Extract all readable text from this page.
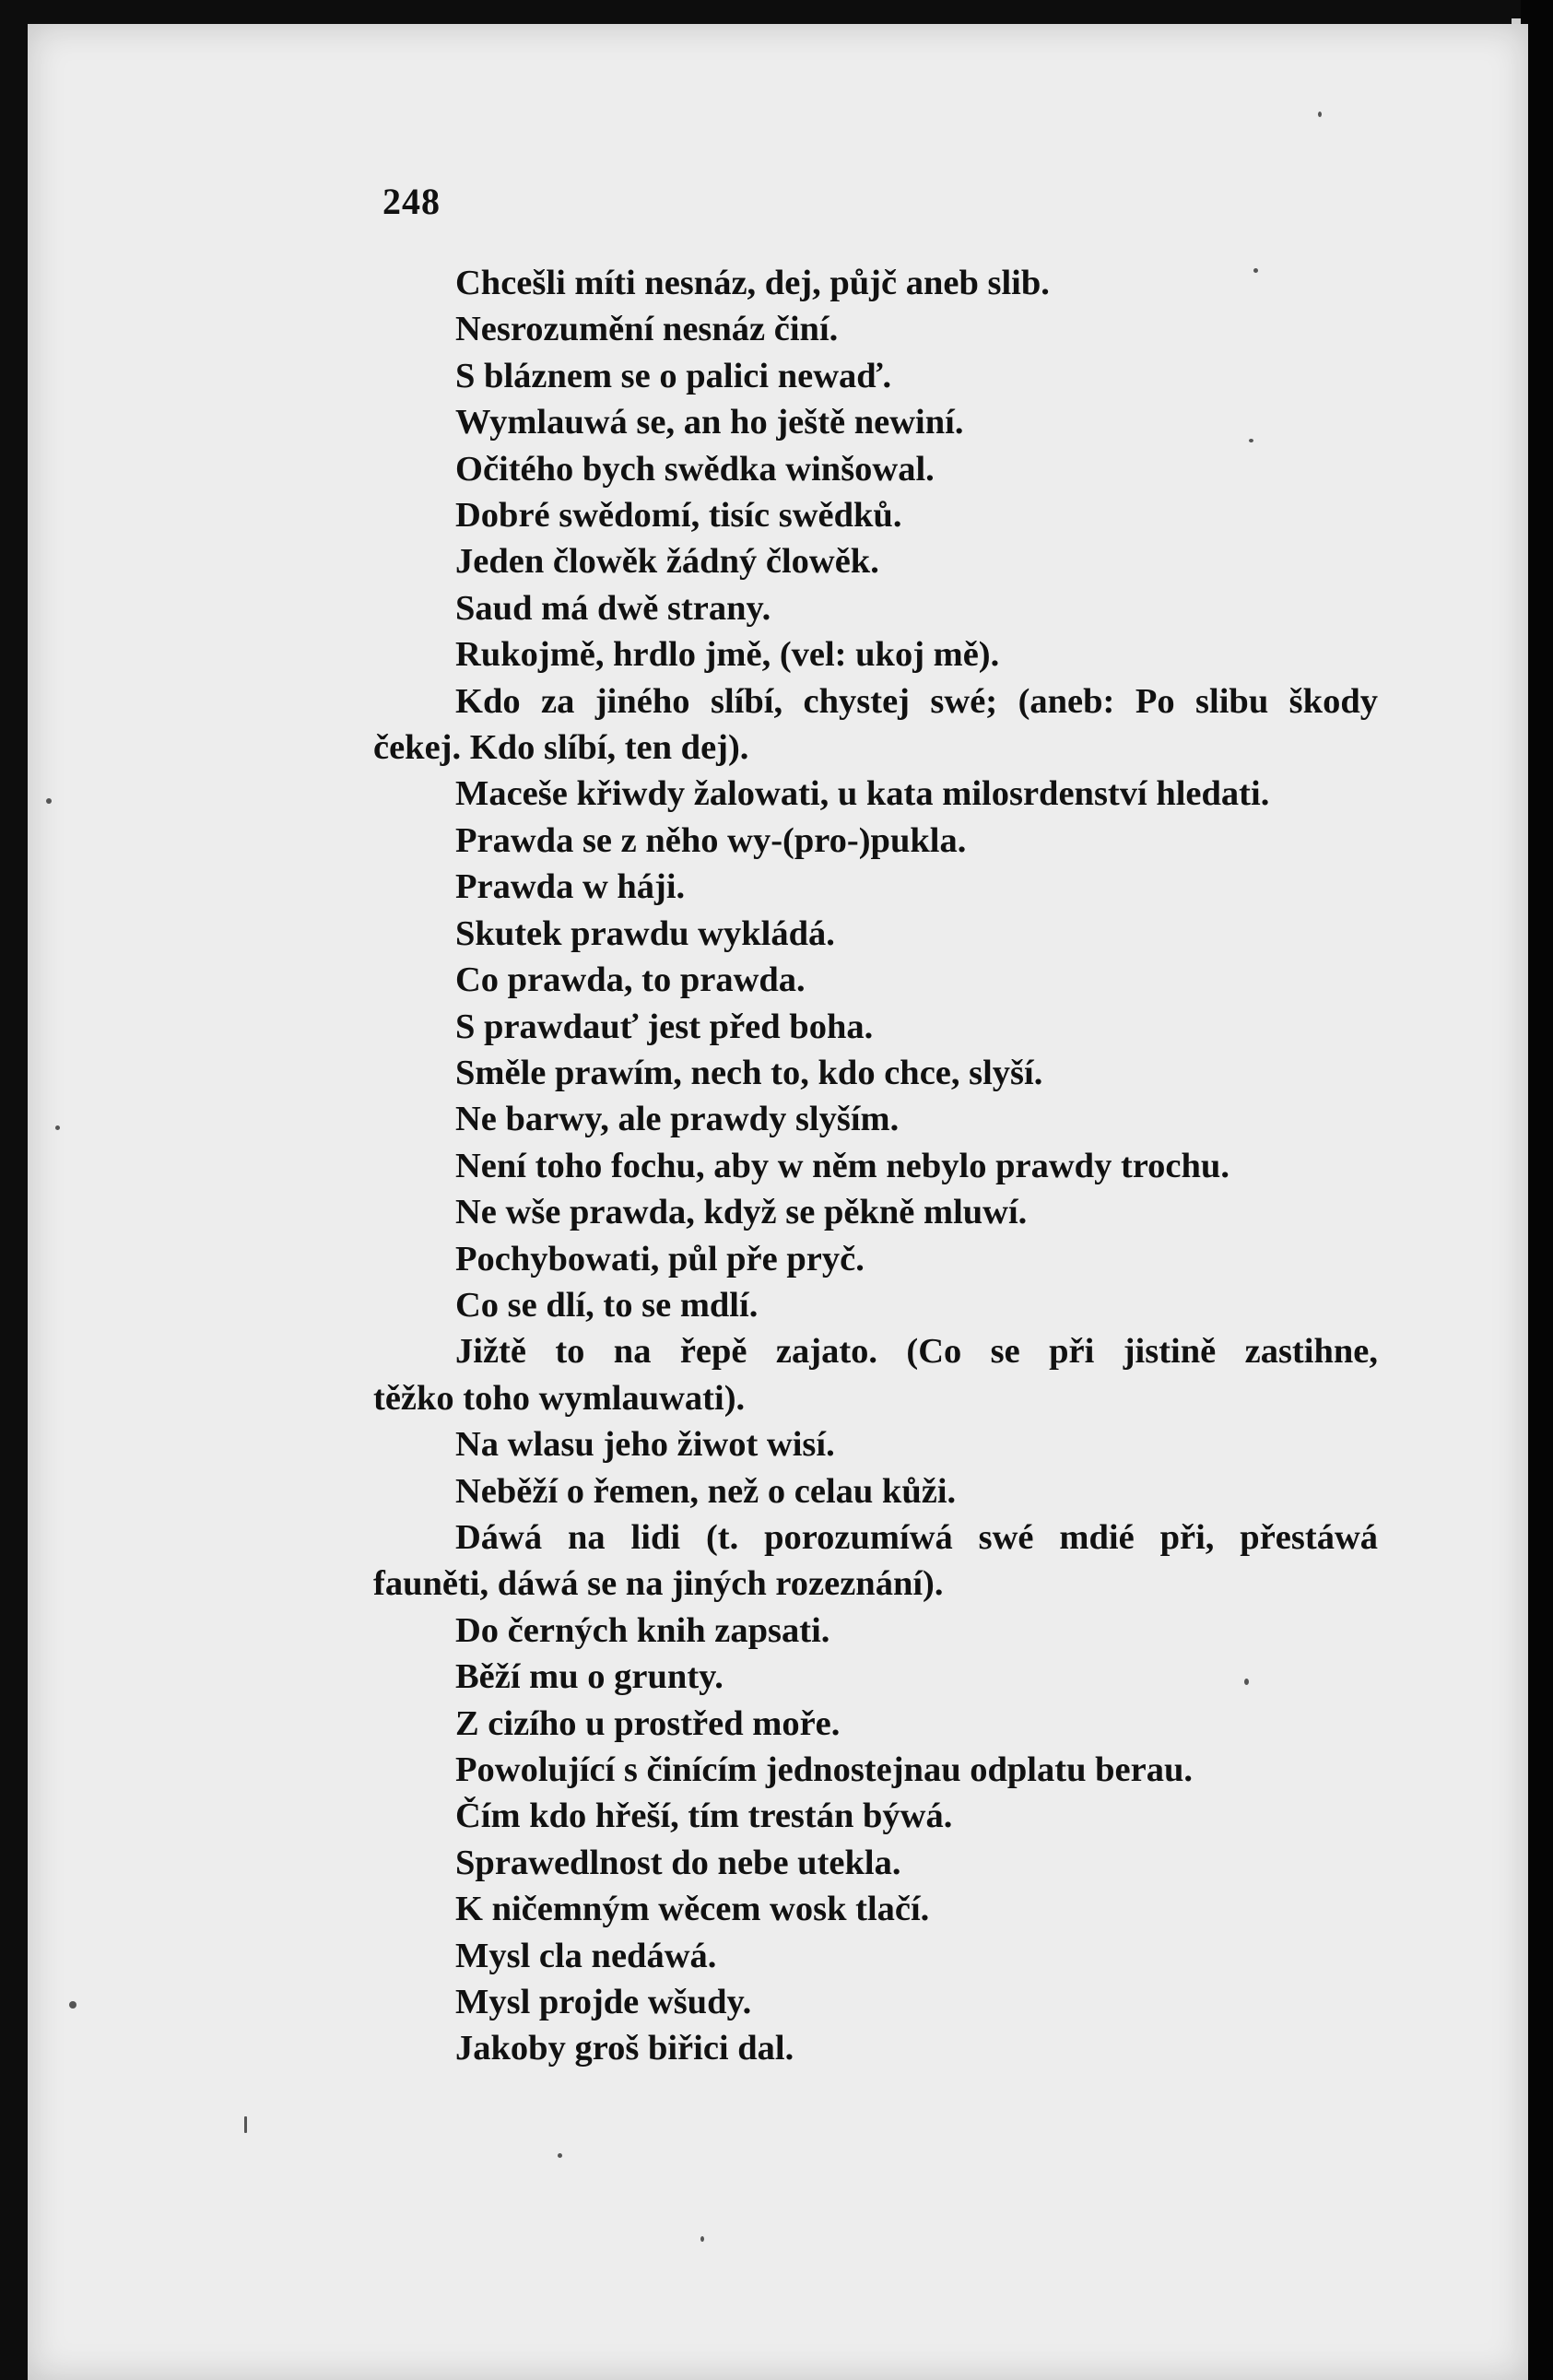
248
Chcešli míti nesnáz, dej, půjč aneb slib.
Nesrozumění nesnáz činí.
S bláznem se o palici newaď.
Wymlauwá se, an ho ještě newiní.
Očitého bych swědka winšowal.
Dobré swědomí, tisíc swědků.
Jeden člowěk žádný člowěk.
Saud má dwě strany.
Rukojmě, hrdlo jmě, (vel: ukoj mě).
Kdo za jiného slíbí, chystej swé; (aneb: Po slibu škody
čekej. Kdo slíbí, ten dej).
Maceše křiwdy žalowati, u kata milosrdenství hledati.
Prawda se z něho wy-(pro-)pukla.
Prawda w háji.
Skutek prawdu wykládá.
Co prawda, to prawda.
S prawdauť jest před boha.
Směle prawím, nech to, kdo chce, slyší.
Ne barwy, ale prawdy slyším.
Není toho fochu, aby w něm nebylo prawdy trochu.
Ne wše prawda, když se pěkně mluwí.
Pochybowati, půl pře pryč.
Co se dlí, to se mdlí.
Jižtě to na řepě zajato. (Co se při jistině zastihne,
těžko toho wymlauwati).
Na wlasu jeho žiwot wisí.
Neběží o řemen, než o celau kůži.
Dáwá na lidi (t. porozumíwá swé mdié při, přestáwá
fauněti, dáwá se na jiných rozeznání).
Do černých knih zapsati.
Běží mu o grunty.
Z cizího u prostřed moře.
Powolující s činícím jednostejnau odplatu berau.
Čím kdo hřeší, tím trestán býwá.
Sprawedlnost do nebe utekla.
K ničemným wěcem wosk tlačí.
Mysl cla nedáwá.
Mysl projde wšudy.
Jakoby groš biřici dal.
